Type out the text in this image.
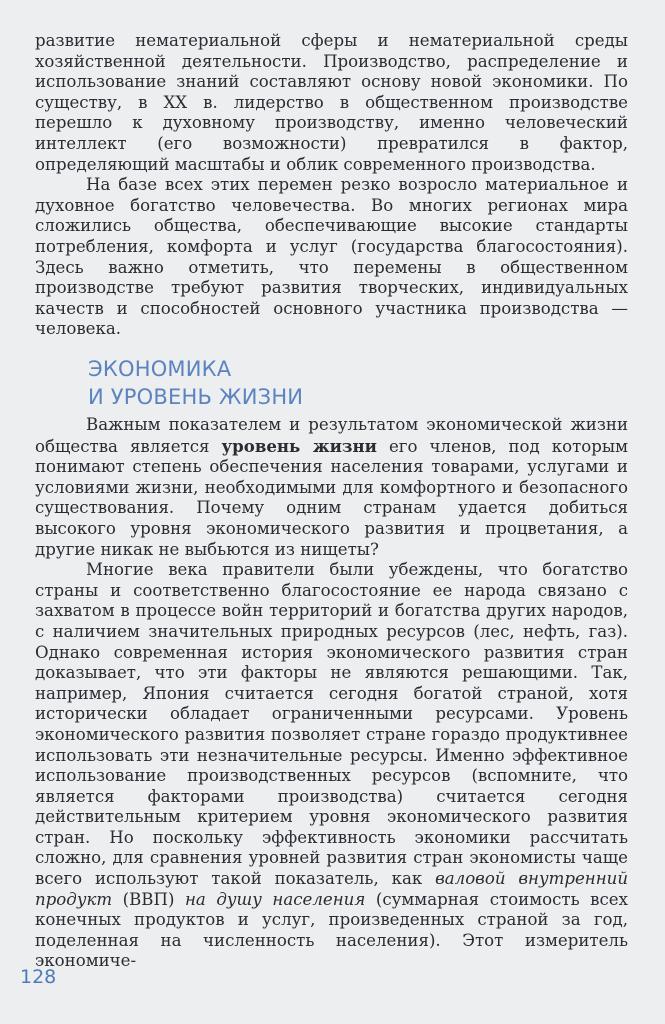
развитие нематериальной сферы и нематериальной среды хозяйственной деятельности. Производство, распределение и использование знаний составляют основу новой экономики. По существу, в XX в. лидерство в общественном производстве перешло к духовному производству, именно человеческий интеллект (его возможности) превратился в фактор, определяющий масштабы и облик современного производства.

На базе всех этих перемен резко возросло материальное и духовное богатство человечества. Во многих регионах мира сложились общества, обеспечивающие высокие стандарты потребления, комфорта и услуг (государства благосостояния). Здесь важно отметить, что перемены в общественном производстве требуют развития творческих, индивидуальных качеств и способностей основного участника производства — человека.

ЭКОНОМИКА
И УРОВЕНЬ ЖИЗНИ

Важным показателем и результатом экономической жизни общества является уровень жизни его членов, под которым понимают степень обеспечения населения товарами, услугами и условиями жизни, необходимыми для комфортного и безопасного существования. Почему одним странам удается добиться высокого уровня экономического развития и процветания, а другие никак не выбьются из нищеты?

Многие века правители были убеждены, что богатство страны и соответственно благосостояние ее народа связано с захватом в процессе войн территорий и богатства других народов, с наличием значительных природных ресурсов (лес, нефть, газ). Однако современная история экономического развития стран доказывает, что эти факторы не являются решающими. Так, например, Япония считается сегодня богатой страной, хотя исторически обладает ограниченными ресурсами. Уровень экономического развития позволяет стране гораздо продуктивнее использовать эти незначительные ресурсы. Именно эффективное использование производственных ресурсов (вспомните, что является факторами производства) считается сегодня действительным критерием уровня экономического развития стран. Но поскольку эффективность экономики рассчитать сложно, для сравнения уровней развития стран экономисты чаще всего используют такой показатель, как валовой внутренний продукт (ВВП) на душу населения (суммарная стоимость всех конечных продуктов и услуг, произведенных страной за год, поделенная на численность населения). Этот измеритель экономиче-

128
